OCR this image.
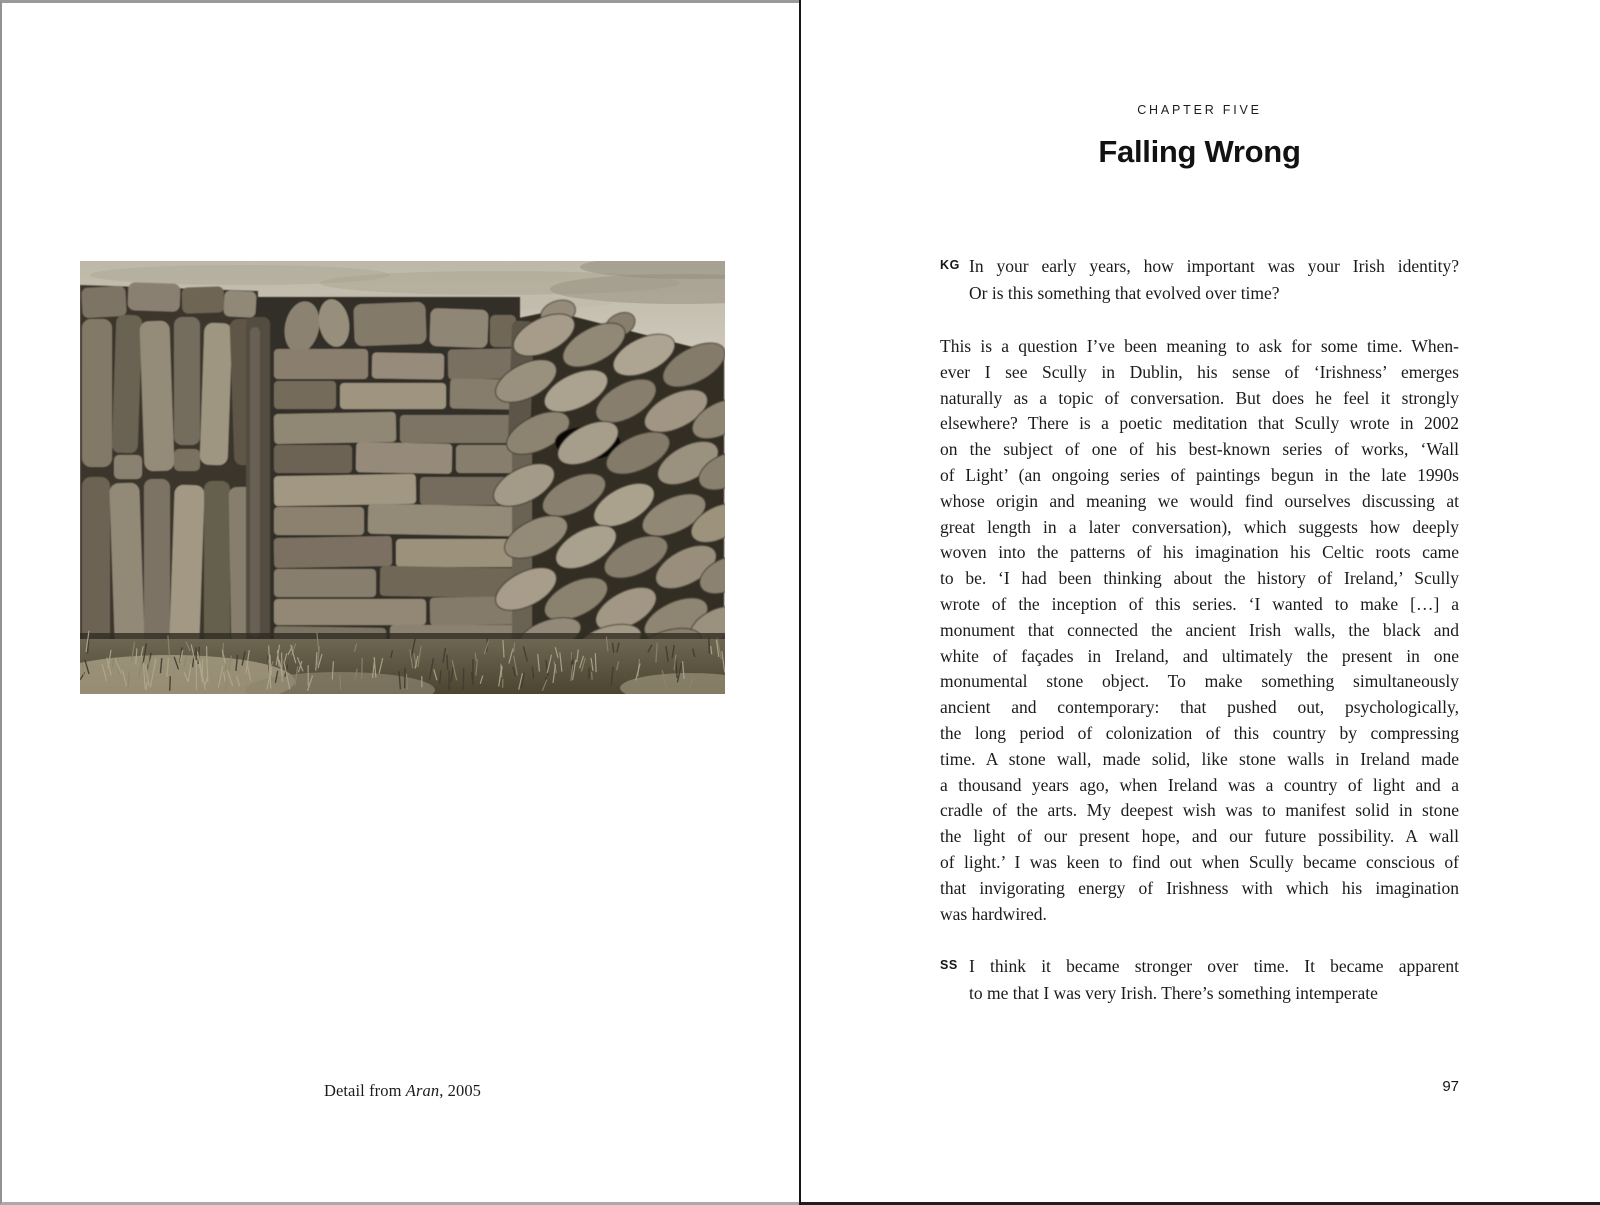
Detail from Aran, 2005
CHAPTER FIVE
Falling Wrong
KG In your early years, how important was your Irish identity?
Or is this something that evolved over time?
This is a question I’ve been meaning to ask for some time. When-
ever I see Scully in Dublin, his sense of ‘Irishness’ emerges
naturally as a topic of conversation. But does he feel it strongly
elsewhere? There is a poetic meditation that Scully wrote in 2002
on the subject of one of his best-known series of works, ‘Wall
of Light’ (an ongoing series of paintings begun in the late 1990s
whose origin and meaning we would find ourselves discussing at
great length in a later conversation), which suggests how deeply
woven into the patterns of his imagination his Celtic roots came
to be. ‘I had been thinking about the history of Ireland,’ Scully
wrote of the inception of this series. ‘I wanted to make […] a
monument that connected the ancient Irish walls, the black and
white of façades in Ireland, and ultimately the present in one
monumental stone object. To make something simultaneously
ancient and contemporary: that pushed out, psychologically,
the long period of colonization of this country by compressing
time. A stone wall, made solid, like stone walls in Ireland made
a thousand years ago, when Ireland was a country of light and a
cradle of the arts. My deepest wish was to manifest solid in stone
the light of our present hope, and our future possibility. A wall
of light.’ I was keen to find out when Scully became conscious of
that invigorating energy of Irishness with which his imagination
was hardwired.
SS I think it became stronger over time. It became apparent
to me that I was very Irish. There’s something intemperate
97
